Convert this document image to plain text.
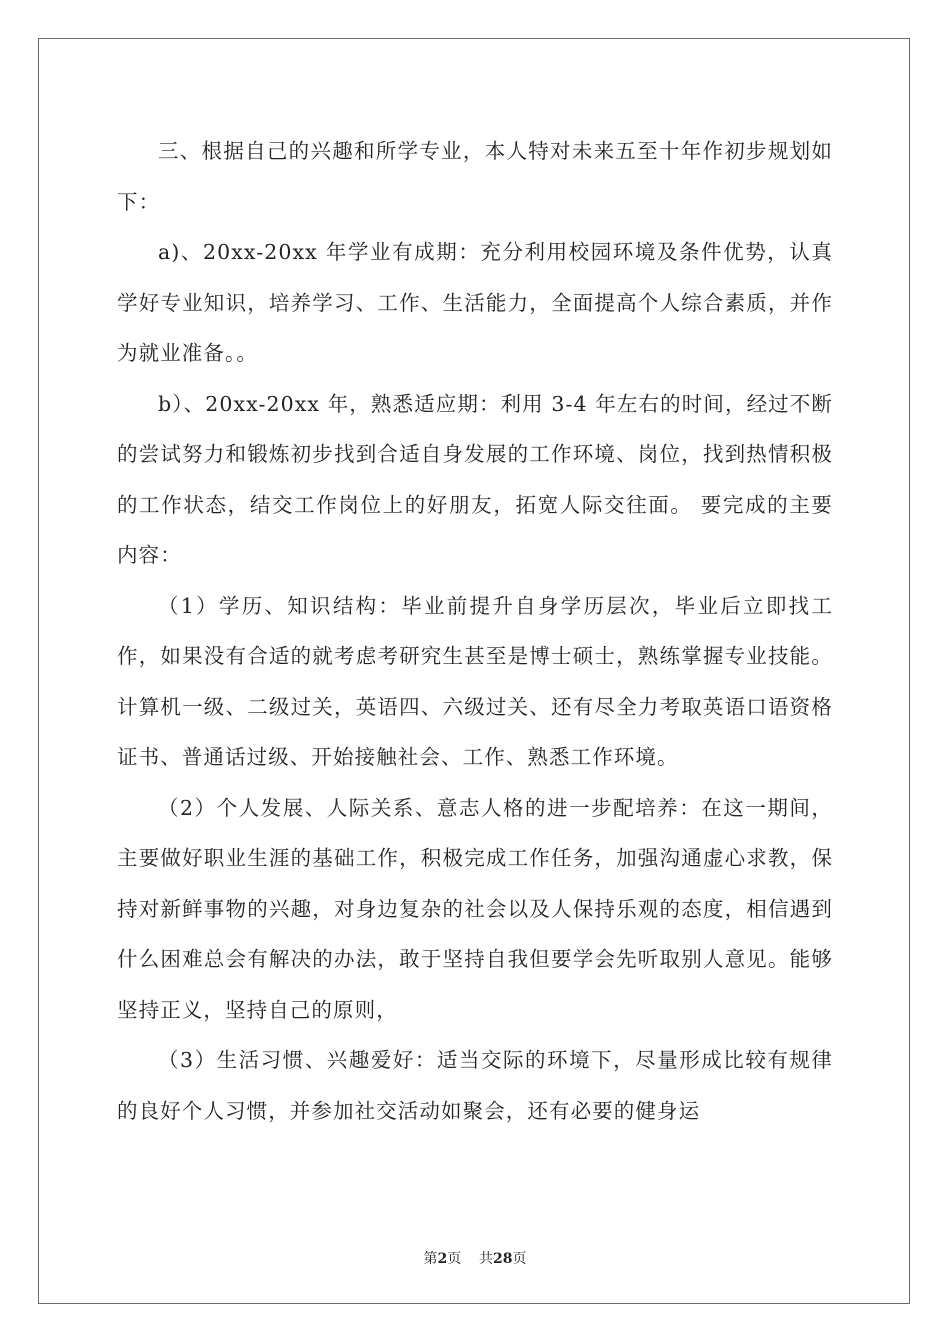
三、根据自己的兴趣和所学专业，本人特对未来五至十年作初步规划如下：

a)、20xx-20xx 年学业有成期：充分利用校园环境及条件优势，认真学好专业知识，培养学习、工作、生活能力，全面提高个人综合素质，并作为就业准备。。

b）、20xx-20xx 年，熟悉适应期：利用 3-4 年左右的时间，经过不断的尝试努力和锻炼初步找到合适自身发展的工作环境、岗位，找到热情积极的工作状态，结交工作岗位上的好朋友，拓宽人际交往面。 要完成的主要内容：

（1）学历、知识结构：毕业前提升自身学历层次，毕业后立即找工作，如果没有合适的就考虑考研究生甚至是博士硕士，熟练掌握专业技能。计算机一级、二级过关，英语四、六级过关、还有尽全力考取英语口语资格证书、普通话过级、开始接触社会、工作、熟悉工作环境。

（2）个人发展、人际关系、意志人格的进一步配培养：在这一期间，主要做好职业生涯的基础工作，积极完成工作任务，加强沟通虚心求教，保持对新鲜事物的兴趣，对身边复杂的社会以及人保持乐观的态度，相信遇到什么困难总会有解决的办法，敢于坚持自我但要学会先听取别人意见。能够坚持正义，坚持自己的原则，

（3）生活习惯、兴趣爱好：适当交际的环境下，尽量形成比较有规律的良好个人习惯，并参加社交活动如聚会，还有必要的健身运

第2页 共28页
